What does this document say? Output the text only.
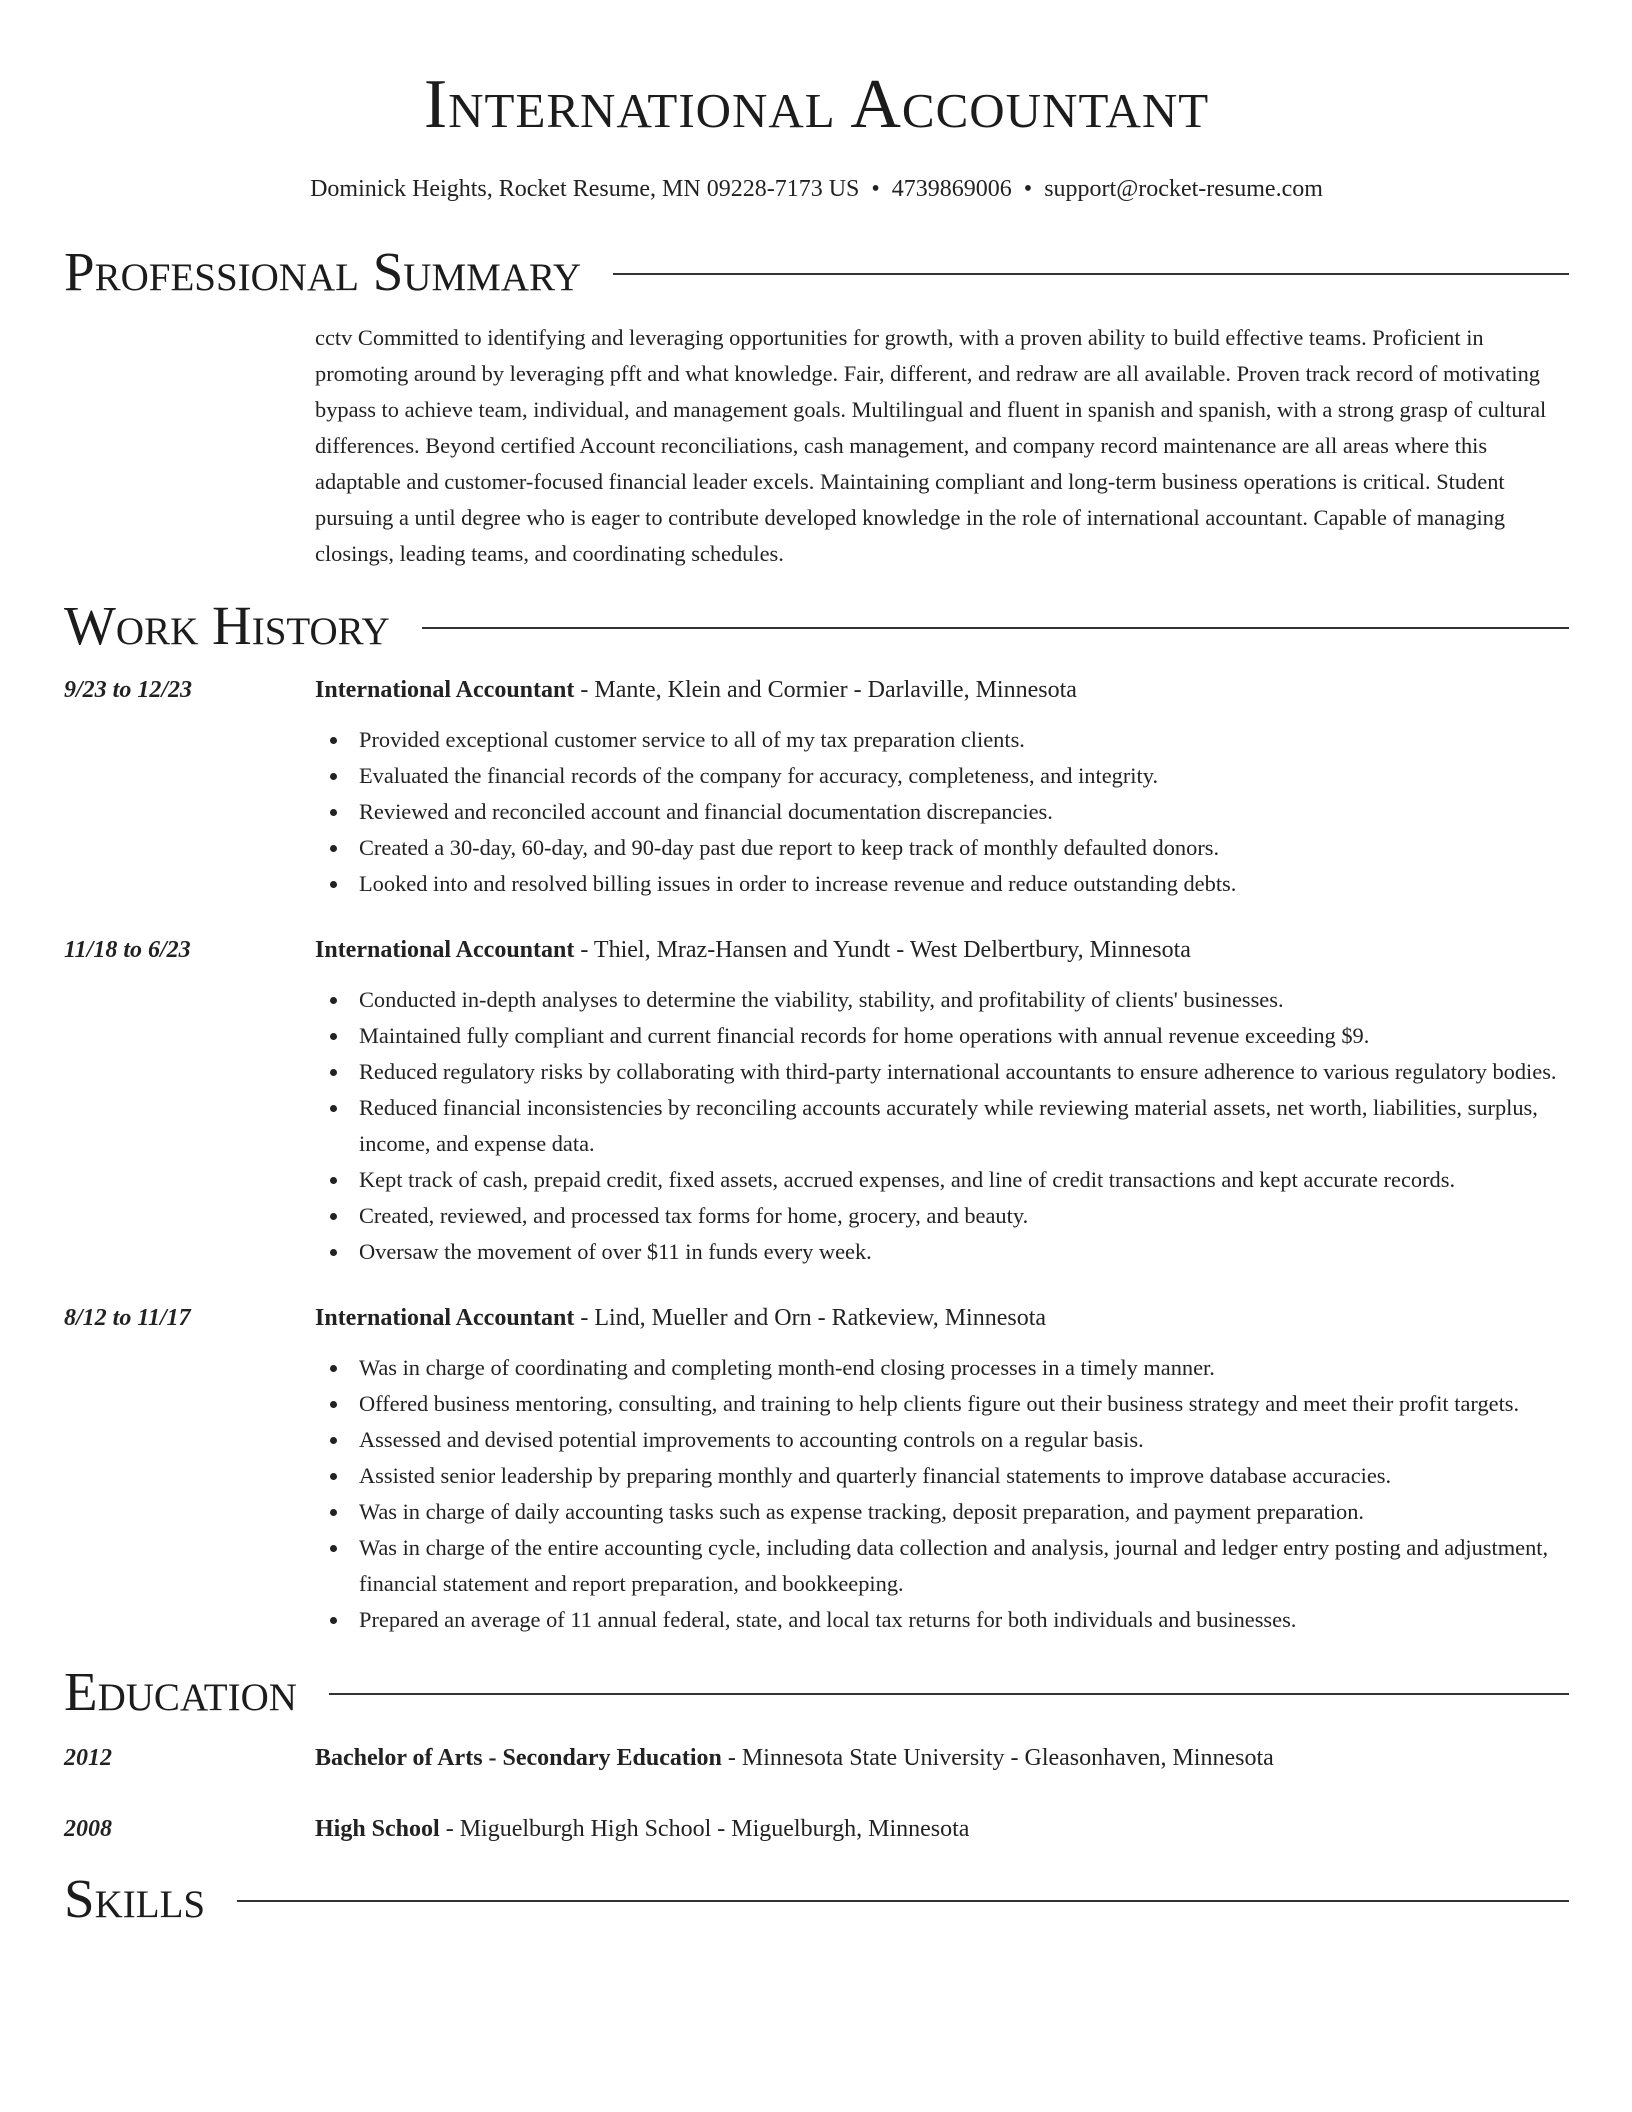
International Accountant
Dominick Heights, Rocket Resume, MN 09228-7173 US • 4739869006 • support@rocket-resume.com
Professional Summary

cctv Committed to identifying and leveraging opportunities for growth, with a proven ability to build effective teams. Proficient in promoting around by leveraging pfft and what knowledge. Fair, different, and redraw are all available. Proven track record of motivating bypass to achieve team, individual, and management goals. Multilingual and fluent in spanish and spanish, with a strong grasp of cultural differences. Beyond certified Account reconciliations, cash management, and company record maintenance are all areas where this adaptable and customer-focused financial leader excels. Maintaining compliant and long-term business operations is critical. Student pursuing a until degree who is eager to contribute developed knowledge in the role of international accountant. Capable of managing closings, leading teams, and coordinating schedules.

Work History
9/23 to 12/23	International Accountant - Mante, Klein and Cormier - Darlaville, Minnesota
Provided exceptional customer service to all of my tax preparation clients.
Evaluated the financial records of the company for accuracy, completeness, and integrity.
Reviewed and reconciled account and financial documentation discrepancies.
Created a 30-day, 60-day, and 90-day past due report to keep track of monthly defaulted donors.
Looked into and resolved billing issues in order to increase revenue and reduce outstanding debts.
11/18 to 6/23	International Accountant - Thiel, Mraz-Hansen and Yundt - West Delbertbury, Minnesota
Conducted in-depth analyses to determine the viability, stability, and profitability of clients' businesses.
Maintained fully compliant and current financial records for home operations with annual revenue exceeding $9.
Reduced regulatory risks by collaborating with third-party international accountants to ensure adherence to various regulatory bodies.
Reduced financial inconsistencies by reconciling accounts accurately while reviewing material assets, net worth, liabilities, surplus, income, and expense data.
Kept track of cash, prepaid credit, fixed assets, accrued expenses, and line of credit transactions and kept accurate records.
Created, reviewed, and processed tax forms for home, grocery, and beauty.
Oversaw the movement of over $11 in funds every week.
8/12 to 11/17	International Accountant - Lind, Mueller and Orn - Ratkeview, Minnesota
Was in charge of coordinating and completing month-end closing processes in a timely manner.
Offered business mentoring, consulting, and training to help clients figure out their business strategy and meet their profit targets.
Assessed and devised potential improvements to accounting controls on a regular basis.
Assisted senior leadership by preparing monthly and quarterly financial statements to improve database accuracies.
Was in charge of daily accounting tasks such as expense tracking, deposit preparation, and payment preparation.
Was in charge of the entire accounting cycle, including data collection and analysis, journal and ledger entry posting and adjustment, financial statement and report preparation, and bookkeeping.
Prepared an average of 11 annual federal, state, and local tax returns for both individuals and businesses.
Education
2012	Bachelor of Arts - Secondary Education - Minnesota State University - Gleasonhaven, Minnesota
2008	High School - Miguelburgh High School - Miguelburgh, Minnesota
Skills
